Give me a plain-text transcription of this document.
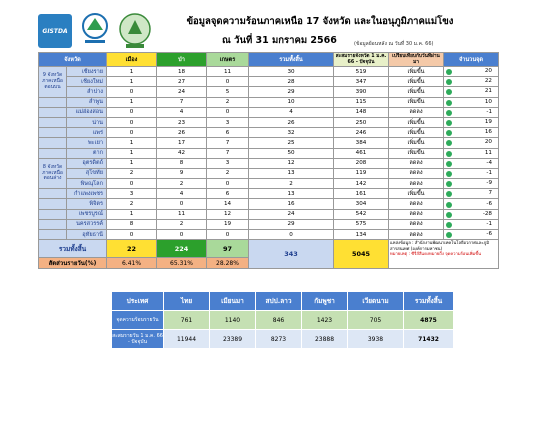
GISTDA
ข้อมูลจุดความร้อนภาคเหนือ 17 จังหวัด และในอนุภูมิภาคแม่โขง
ณ วันที่ 31 มกราคม 2566	(ข้อมูลย้อนหลัง ณ วันที่ 30 ม.ค. 66)
จังหวัด		เมือง	ป่า	เกษตร	รวมทั้งสิ้น	สะสมรายจังหวัด 1 ม.ค. 66 - ปัจจุบัน	เปรียบเทียบกับวันที่ผ่านมา	จำนวนจุด
9 จังหวัด ภาคเหนือ ตอนบน	เชียงราย	1	18	11	30	519	เพิ่มขึ้น	20
	เชียงใหม่	1	27	0	28	347	เพิ่มขึ้น	22
	ลำปาง	0	24	5	29	390	เพิ่มขึ้น	21
	ลำพูน	1	7	2	10	115	เพิ่มขึ้น	10
	แม่ฮ่องสอน	0	4	0	4	148	ลดลง	-1
	น่าน	0	23	3	26	250	เพิ่มขึ้น	19
	แพร่	0	26	6	32	246	เพิ่มขึ้น	16
	พะเยา	1	17	7	25	384	เพิ่มขึ้น	20
	ตาก	1	42	7	50	461	เพิ่มขึ้น	11
8 จังหวัด ภาคเหนือ ตอนล่าง	อุตรดิตถ์	1	8	3	12	208	ลดลง	-4
	สุโขทัย	2	9	2	13	119	ลดลง	-1
	พิษณุโลก	0	2	0	2	142	ลดลง	-9
	กำแพงเพชร	3	4	6	13	161	เพิ่มขึ้น	7
	พิจิตร	2	0	14	16	304	ลดลง	-6
	เพชรบูรณ์	1	11	12	24	542	ลดลง	-28
	นครสวรรค์	8	2	19	29	575	ลดลง	-1
	อุทัยธานี	0	0	0	0	134	ลดลง	-6
รวมทั้งสิ้น		22	224	97	343	5045	แหล่งข้อมูล : สำนักงานพัฒนาเทคโนโลยีอวกาศและภูมิสารสนเทศ (องค์การมหาชน)
หมายเหตุ : ซีรี่ส์สีแดงหมายถึง จุดความร้อนเพิ่มขึ้น	

สัดส่วนรายวัน(%)		6.41%	65.31%	28.28%				
ประเทศ	ไทย	เมียนมา	สปป.ลาว	กัมพูชา	เวียดนาม	รวมทั้งสิ้น
จุดความร้อนรายวัน	761	1140	846	1423	705	4875
สะสมรายวัน 1 ม.ค. 66 - ปัจจุบัน	11944	23389	8273	23888	3938	71432
